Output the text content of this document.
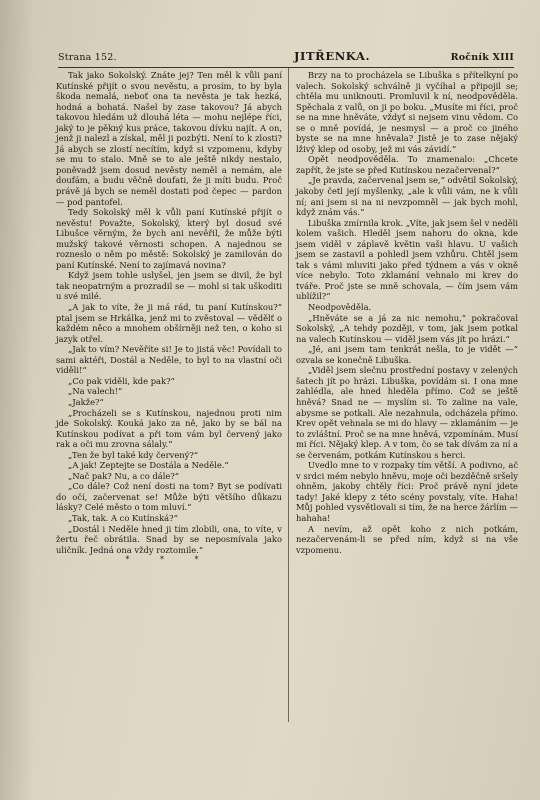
Strana 152.	JITŘENKA.	Ročník XIII

Tak jako Sokolský. Znáte jej? Ten měl k vůli paní Kutínské přijít o svou nevěstu, a prosím, to by byla škoda nemalá, neboť ona ta nevěsta je tak hezká, hodná a bohatá. Našel by zase takovou? Já abych takovou hledám už dlouhá léta — mohu nejlépe říci, jaký to je pěkný kus práce, takovou dívku najít. A on, jenž ji nalezl a získal, měl ji pozbýti. Není to k zlosti? Já abych se zlostí necítím, když si vzpomenu, kdyby se mu to stalo. Mně se to ale ještě nikdy nestalo, poněvadž jsem dosud nevěsty neměl a nemám, ale doufám, a budu věčně doufati, že ji míti budu. Proč právě já bych se neměl dostati pod čepec — pardon — pod pantofel.

Tedy Sokolský měl k vůli paní Kutínské přijít o nevěstu! Považte, Sokolský, který byl dosud své Libušce věrným, že bych ani nevěřil, že může býti mužský takové věrnosti schopen. A najednou se rozneslo o něm po městě: Sokolský je zamilován do paní Kutínské. Není to zajímavá novina?

Když jsem tohle uslyšel, jen jsem se divil, že byl tak neopatrným a prozradil se — mohl si tak uškoditi u své milé.

„A jak to víte, že ji má rád, tu paní Kutínskou?“ ptal jsem se Hrkálka, jenž mi to zvěstoval — vědělť o každém něco a mnohem obšírněji než ten, o koho si jazyk otřel.

„Jak to vím? Nevěříte si! Je to jistá věc! Povídali to sami aktéři, Dostál a Neděle, to byl to na vlastní oči viděli!“

„Co pak viděli, kde pak?“

„Na valech!“

„Jakže?“

„Procházeli se s Kutínskou, najednou proti nim jde Sokolský. Kouká jako za ně, jako by se bál na Kutínskou podívat a při tom vám byl červený jako rak a oči mu zrovna sálaly.“

„Ten že byl také kdy červený?“

„A jak! Zeptejte se Dostála a Neděle.“

„Nač pak? Nu, a co dále?“

„Co dále? Což není dosti na tom? Byt se podívati do očí, začervenat se! Může býti většího důkazu lásky? Celé město o tom mluví.“

„Tak, tak. A co Kutínská?“

„Dostál i Neděle hned ji tím zlobili, ona, to víte, v žertu řeč obrátila. Snad by se neposmívala jako uličník. Jedná ona vždy roztomile.“

* * *

Brzy na to procházela se Libuška s přítelkyní po valech. Sokolský schválně ji vyčíhal a připojil se; chtěla mu uniknouti. Promluvil k ní, neodpověděla. Spěchala z valů, on ji po boku. „Musíte mi říci, proč se na mne hněváte, vždyť si nejsem vinu vědom. Co se o mně povídá, je nesmysl — a proč co jiného byste se na mne hněvala? Jistě je to zase nějaký lživý klep od osoby, jež mi vás závidí.“

Opět neodpověděla. To znamenalo: „Chcete zapřít, že jste se před Kutínskou nezačervenal?“

„Je pravda, začervenal jsem se,“ odvětil Sokolský, jakoby četl její myšlenky, „ale k vůli vám, ne k vůli ní; ani jsem si na ni nevzpomněl — jak bych mohl, když znám vás.“

Libuška zmírnila krok. „Víte, jak jsem šel v neděli kolem vašich. Hleděl jsem nahoru do okna, kde jsem viděl v záplavě květin vaši hlavu. U vašich jsem se zastavil a pohledl jsem vzhůru. Chtěl jsem tak s vámi mluviti jako před týdnem a vás v okně více nebylo. Toto zklamání vehnalo mi krev do tváře. Proč jste se mně schovala, — čím jsem vám ublížil?“

Neodpověděla.

„Hněváte se a já za nic nemohu,“ pokračoval Sokolský, „A tehdy později, v tom, jak jsem potkal na valech Kutínskou — viděl jsem vás jít po hrázi.“

„Jé, ani jsem tam tenkrát nešla, to je vidět —“ ozvala se konečně Libuška.

„Viděl jsem slečnu prostřední postavy v zelených šatech jít po hrázi. Libuška, povídám si. I ona mne zahlédla, ale hned hleděla přímo. Což se ještě hněvá? Snad ne — myslím si. To zaline na vale, abysme se potkali. Ale nezahnula, odcházela přímo. Krev opět vehnala se mi do hlavy — zklamáním — je to zvláštní. Proč se na mne hněvá, vzpomínám. Musí mi říci. Nějaký klep. A v tom, čo se tak dívám za ní a se červenám, potkám Kutínskou s herci.

Uvedlo mne to v rozpaky tím větší. A podivno, ač v srdci mém nebylo hněvu, moje oči bezděčně sršely ohněm, jakoby chtěly říci: Proč právě nyní jdete tady! Jaké klepy z této scény povstaly, víte. Haha! Můj pohled vysvětlovali si tím, že na herce žárlím — hahaha!

A nevím, až opět koho z nich potkám, nezačervenám-li se před ním, když si na vše vzpomenu.
